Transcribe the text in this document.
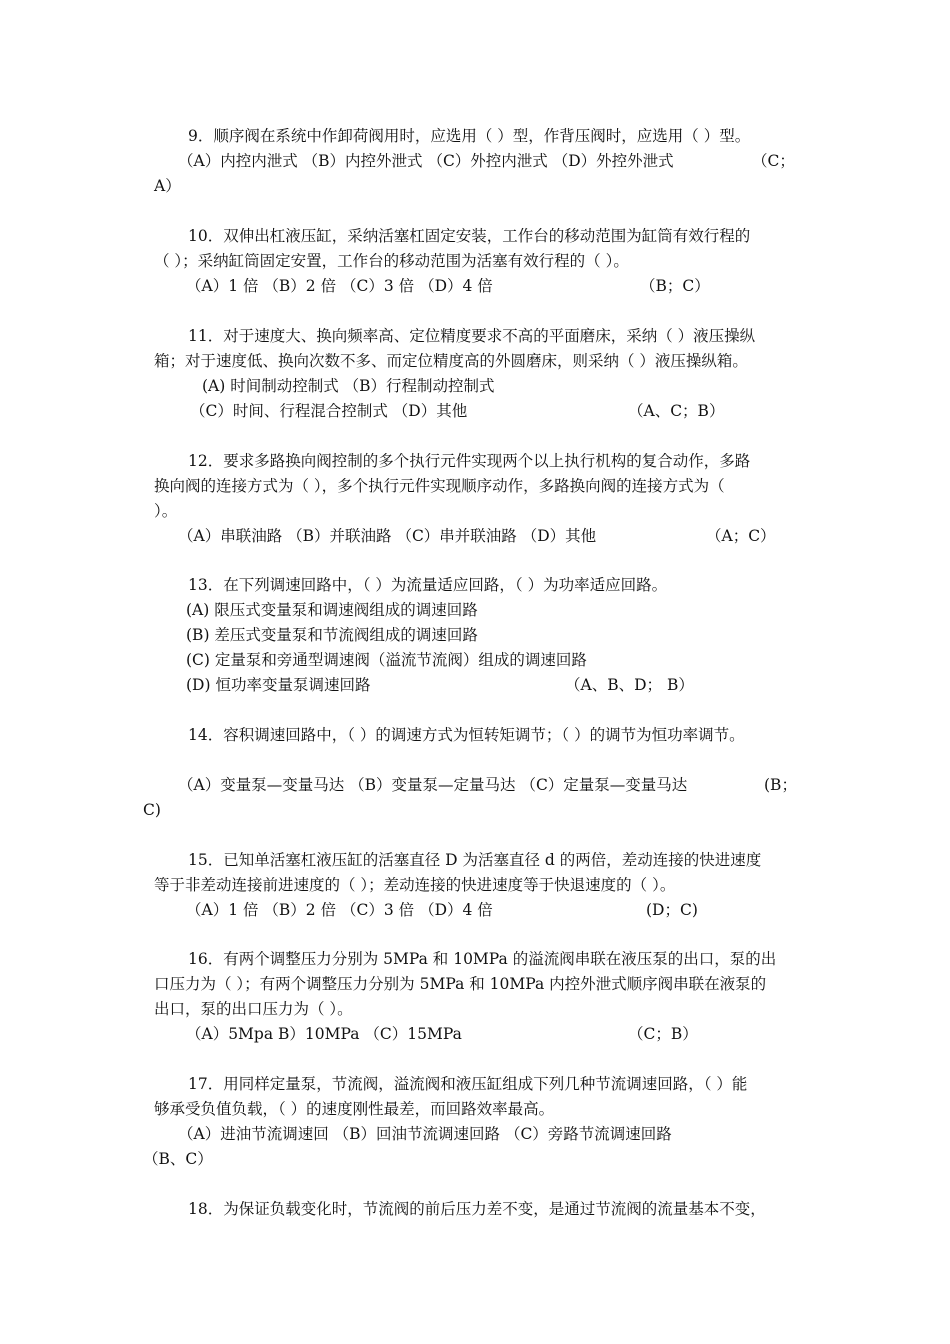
9．顺序阀在系统中作卸荷阀用时，应选用（ ）型，作背压阀时，应选用（ ）型。
（A）内控内泄式 （B）内控外泄式 （C）外控内泄式 （D）外控外泄式	（C；
A）
10．双伸出杠液压缸，采纳活塞杠固定安装，工作台的移动范围为缸筒有效行程的
（ ）；采纳缸筒固定安置，工作台的移动范围为活塞有效行程的（ ）。
（A）1 倍 （B）2 倍 （C）3 倍 （D）4 倍	（B；C）
11．对于速度大、换向频率高、定位精度要求不高的平面磨床，采纳（ ）液压操纵
箱；对于速度低、换向次数不多、而定位精度高的外圆磨床，则采纳（ ）液压操纵箱。
(A) 时间制动控制式 （B）行程制动控制式
（C）时间、行程混合控制式 （D）其他	（A、C；B）
12．要求多路换向阀控制的多个执行元件实现两个以上执行机构的复合动作，多路
换向阀的连接方式为（ ），多个执行元件实现顺序动作，多路换向阀的连接方式为（
）。
（A）串联油路 （B）并联油路 （C）串并联油路 （D）其他	（A；C）
13．在下列调速回路中，（ ）为流量适应回路，（ ）为功率适应回路。
(A) 限压式变量泵和调速阀组成的调速回路
(B) 差压式变量泵和节流阀组成的调速回路
(C) 定量泵和旁通型调速阀（溢流节流阀）组成的调速回路
(D) 恒功率变量泵调速回路	（A、B、D； B）
14．容积调速回路中，（ ）的调速方式为恒转矩调节；（ ）的调节为恒功率调节。
（A）变量泵—变量马达 （B）变量泵—定量马达 （C）定量泵—变量马达	(B；
C)
15．已知单活塞杠液压缸的活塞直径 D 为活塞直径 d 的两倍，差动连接的快进速度
等于非差动连接前进速度的（ ）；差动连接的快进速度等于快退速度的（ ）。
（A）1 倍 （B）2 倍 （C）3 倍 （D）4 倍	(D；C)
16．有两个调整压力分别为 5MPa 和 10MPa 的溢流阀串联在液压泵的出口，泵的出
口压力为（ ）；有两个调整压力分别为 5MPa 和 10MPa 内控外泄式顺序阀串联在液泵的
出口，泵的出口压力为（ ）。
（A）5Mpa B）10MPa （C）15MPa	（C；B）
17．用同样定量泵，节流阀，溢流阀和液压缸组成下列几种节流调速回路，（ ）能
够承受负值负载，（ ）的速度刚性最差，而回路效率最高。
（A）进油节流调速回 （B）回油节流调速回路 （C）旁路节流调速回路
（B、C）
18．为保证负载变化时，节流阀的前后压力差不变，是通过节流阀的流量基本不变，
